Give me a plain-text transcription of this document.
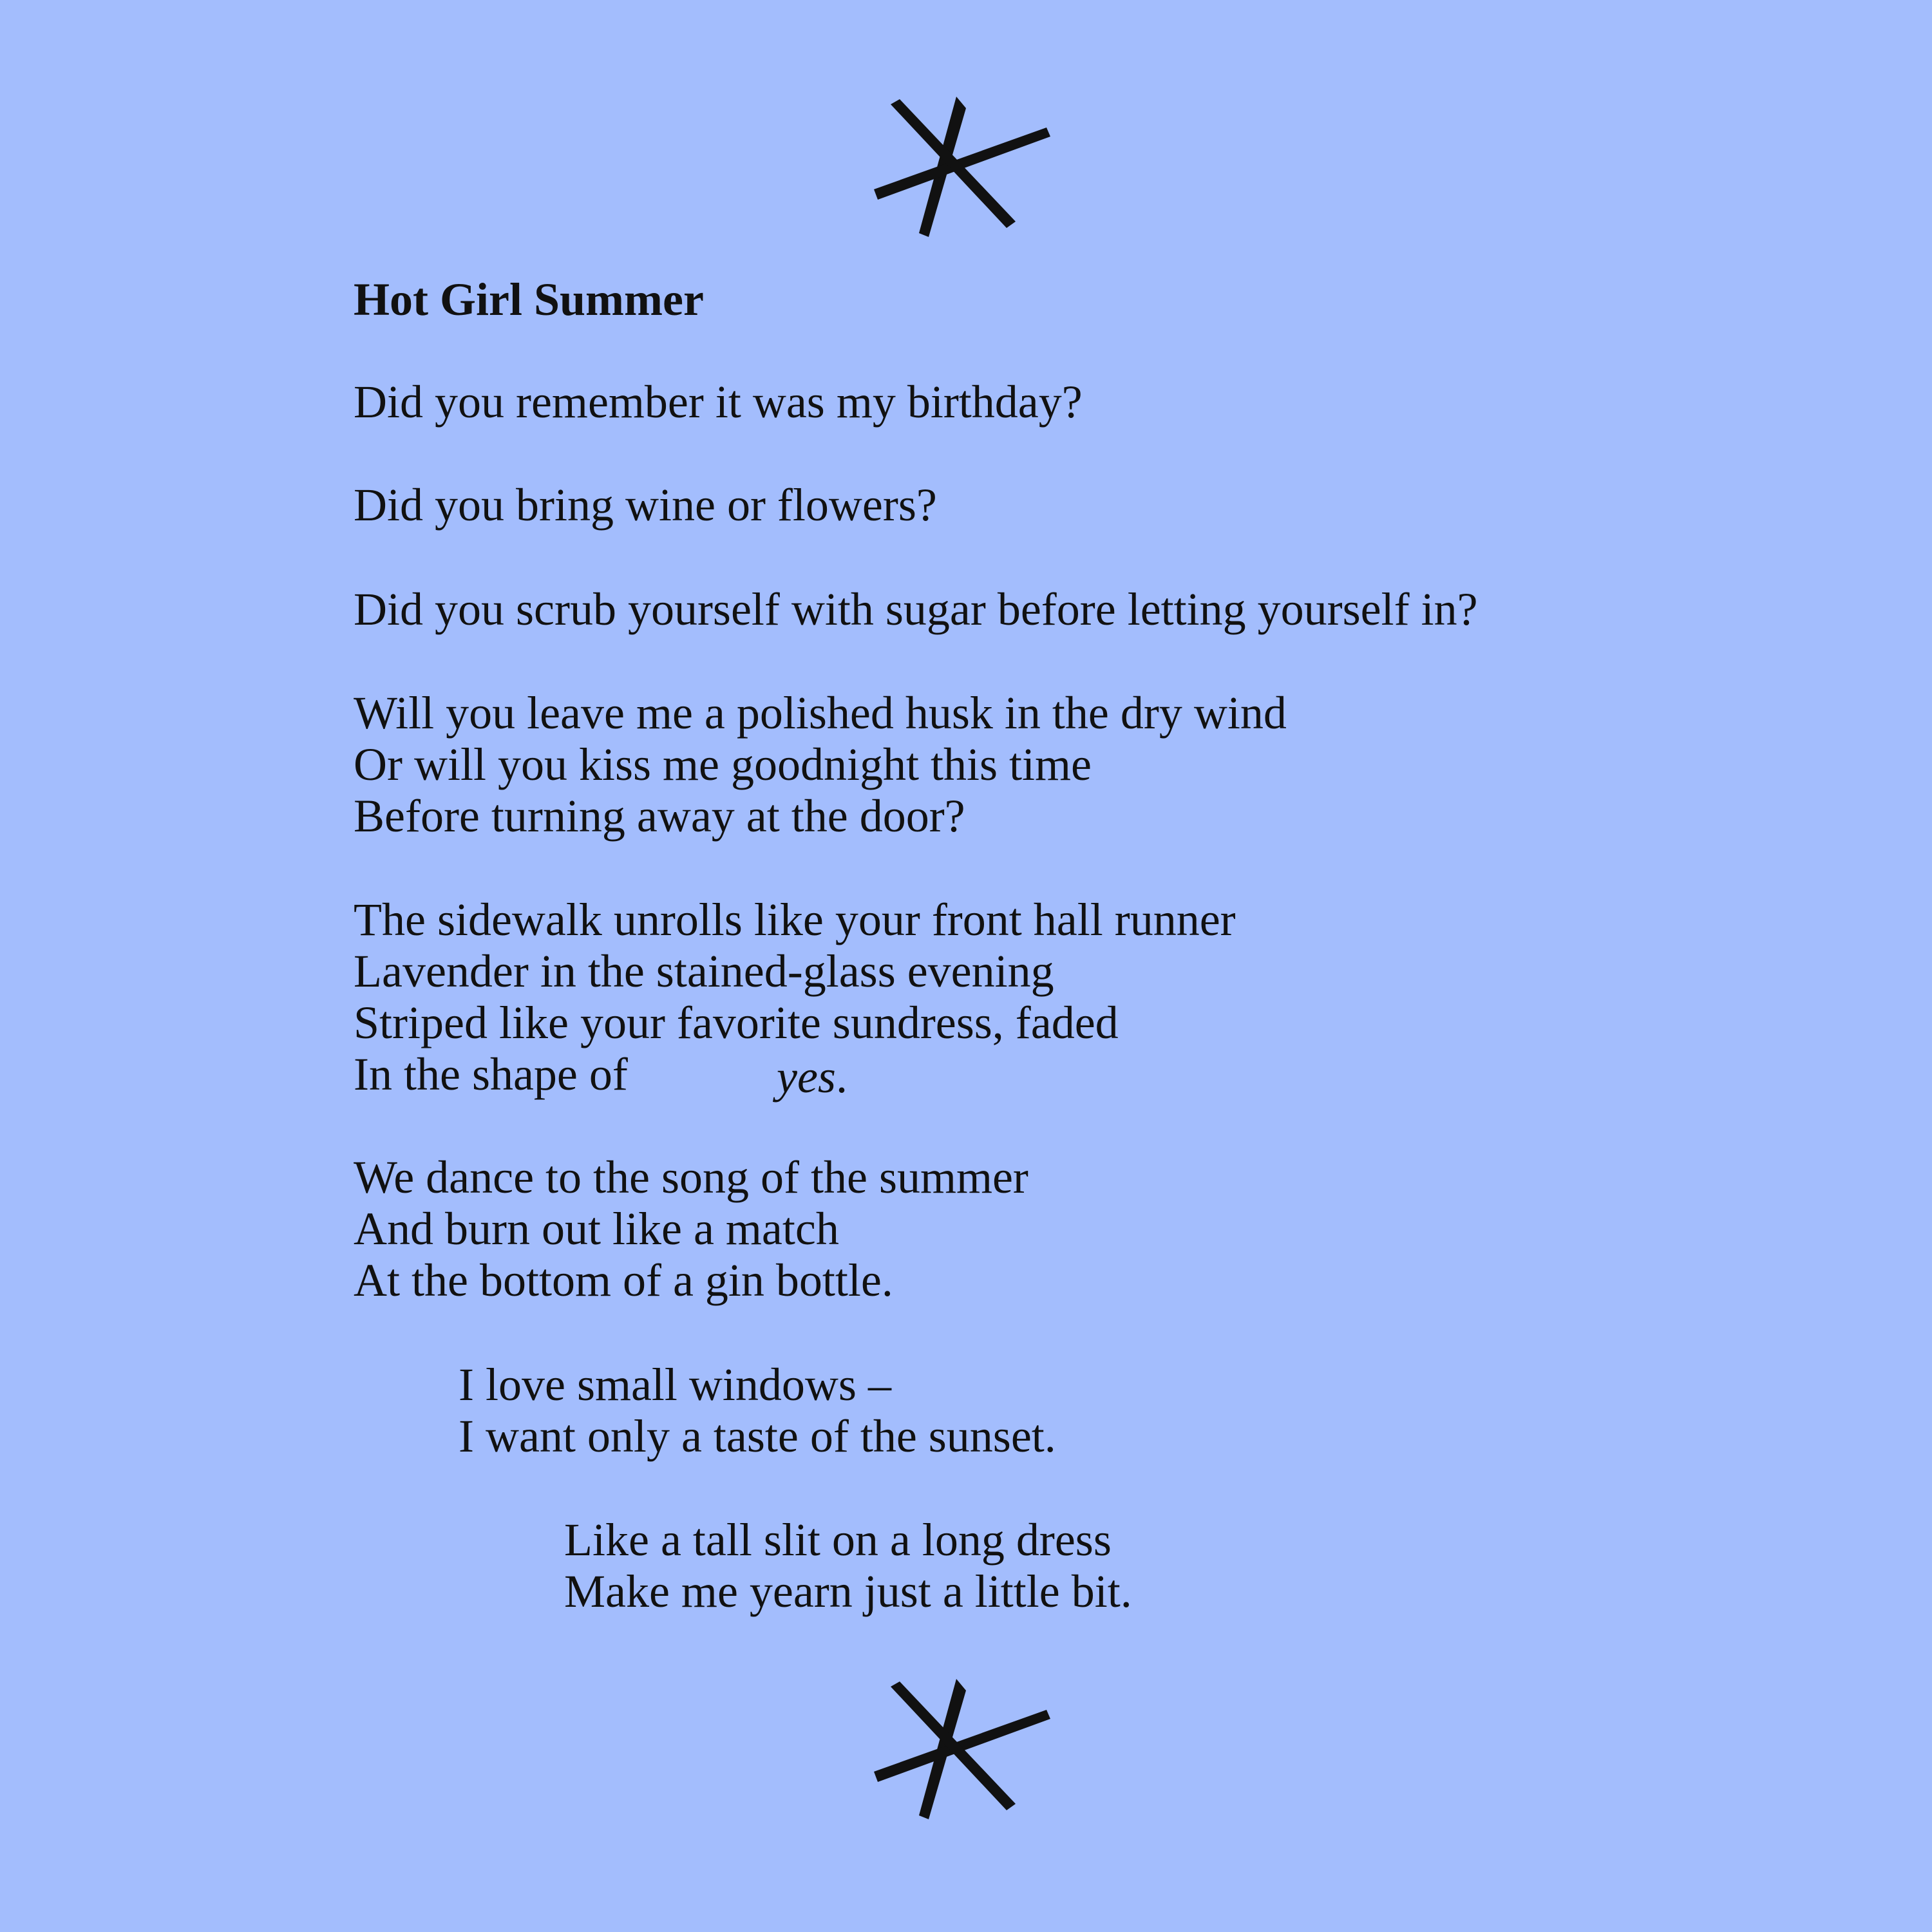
Hot Girl Summer

Did you remember it was my birthday?

Did you bring wine or flowers?

Did you scrub yourself with sugar before letting yourself in?

Will you leave me a polished husk in the dry wind

Or will you kiss me goodnight this time

Before turning away at the door?

The sidewalk unrolls like your front hall runner

Lavender in the stained-glass evening

Striped like your favorite sundress, faded

In the shape of	yes.

We dance to the song of the summer

And burn out like a match

At the bottom of a gin bottle.

I love small windows –

I want only a taste of the sunset.

Like a tall slit on a long dress

Make me yearn just a little bit.
